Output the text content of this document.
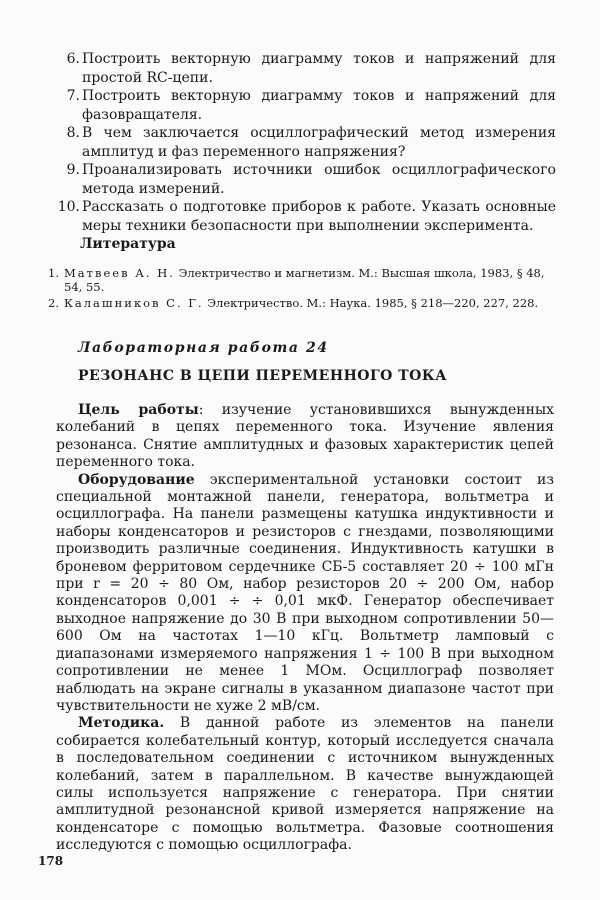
6. Построить векторную диаграмму токов и напряжений для простой RC-цепи.

7. Построить векторную диаграмму токов и напряжений для фазовращателя.

8. В чем заключается осциллографический метод измерения амплитуд и фаз переменного напряжения?

9. Проанализировать источники ошибок осциллографического метода измерений.

10. Рассказать о подготовке приборов к работе. Указать основные меры техники безопасности при выполнении эксперимента.

Литература

1. Матвеев А. Н. Электричество и магнетизм. М.: Высшая школа, 1983, § 48, 54, 55.

2. Калашников С. Г. Электричество. М.: Наука. 1985, § 218—220, 227, 228.

Лабораторная работа 24
РЕЗОНАНС В ЦЕПИ ПЕРЕМЕННОГО ТОКА

Цель работы: изучение установившихся вынужденных колебаний в цепях переменного тока. Изучение явления резонанса. Снятие амплитудных и фазовых характеристик цепей переменного тока.

Оборудование экспериментальной установки состоит из специальной монтажной панели, генератора, вольтметра и осциллографа. На панели размещены катушка индуктивности и наборы конденсаторов и резисторов с гнездами, позволяющими производить различные соединения. Индуктивность катушки в броневом ферритовом сердечнике СБ-5 составляет 20 ÷ 100 мГн при r = 20 ÷ 80 Ом, набор резисторов 20 ÷ 200 Ом, набор конденсаторов 0,001 ÷ ÷ 0,01 мкФ. Генератор обеспечивает выходное напряжение до 30 В при выходном сопротивлении 50—600 Ом на частотах 1—10 кГц. Вольтметр ламповый с диапазонами измеряемого напряжения 1 ÷ 100 В при выходном сопротивлении не менее 1 МОм. Осциллограф позволяет наблюдать на экране сигналы в указанном диапазоне частот при чувствительности не хуже 2 мВ/см.

Методика. В данной работе из элементов на панели собирается колебательный контур, который исследуется сначала в последовательном соединении с источником вынужденных колебаний, затем в параллельном. В качестве вынуждающей силы используется напряжение с генератора. При снятии амплитудной резонансной кривой измеряется напряжение на конденсаторе с помощью вольтметра. Фазовые соотношения исследуются с помощью осциллографа.

178
